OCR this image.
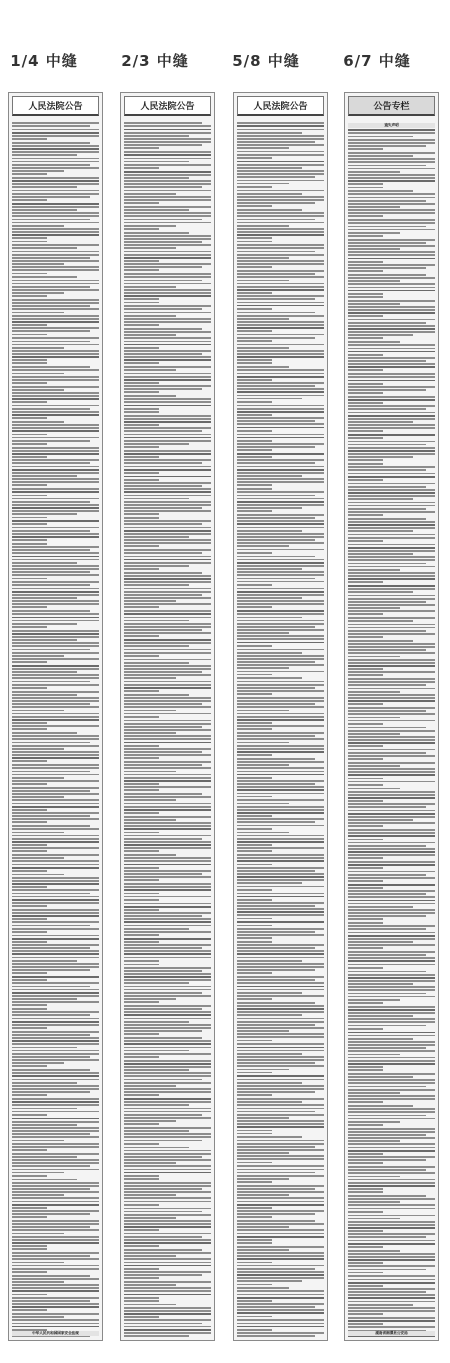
1/4 中缝	2/3 中缝	5/8 中缝	6/7 中缝
人民法院公告
中华人民共和国国家安全法规
人民法院公告	人民法院公告	公告专栏
遗失声明
湖南省湘潭县公安局
